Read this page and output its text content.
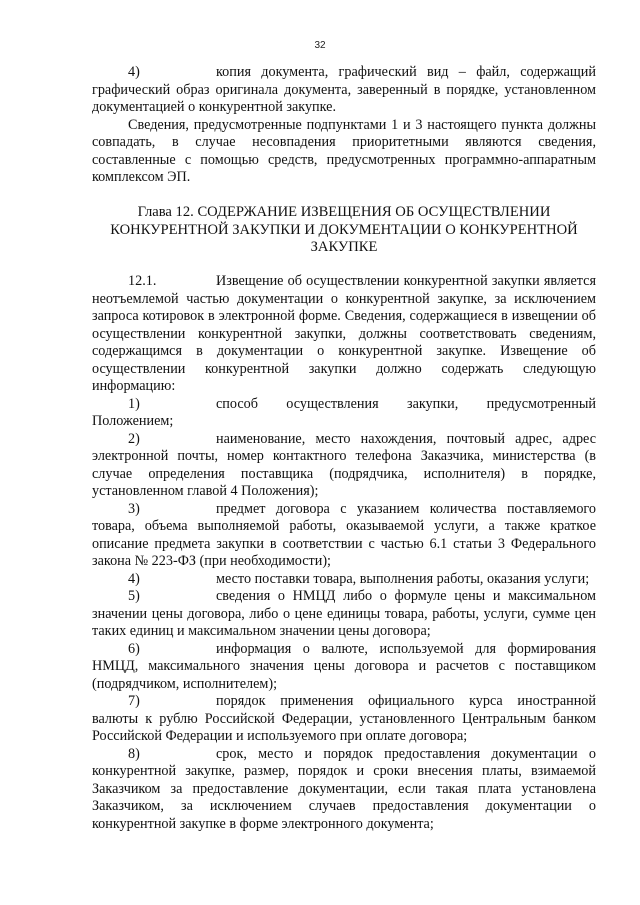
32

4)	копия документа, графический вид – файл, содержащий графический образ оригинала документа, заверенный в порядке, установленном документацией о конкурентной закупке.

Сведения, предусмотренные подпунктами 1 и 3 настоящего пункта должны совпадать, в случае несовпадения приоритетными являются сведения, составленные с помощью средств, предусмотренных программно-аппаратным комплексом ЭП.

Глава 12. СОДЕРЖАНИЕ ИЗВЕЩЕНИЯ ОБ ОСУЩЕСТВЛЕНИИ КОНКУРЕНТНОЙ ЗАКУПКИ И ДОКУМЕНТАЦИИ О КОНКУРЕНТНОЙ ЗАКУПКЕ

12.1.	Извещение об осуществлении конкурентной закупки является неотъемлемой частью документации о конкурентной закупке, за исключением запроса котировок в электронной форме. Сведения, содержащиеся в извещении об осуществлении конкурентной закупки, должны соответствовать сведениям, содержащимся в документации о конкурентной закупке. Извещение об осуществлении конкурентной закупки должно содержать следующую информацию:

1)	способ осуществления закупки, предусмотренный Положением;

2)	наименование, место нахождения, почтовый адрес, адрес электронной почты, номер контактного телефона Заказчика, министерства (в случае определения поставщика (подрядчика, исполнителя) в порядке, установленном главой 4 Положения);

3)	предмет договора с указанием количества поставляемого товара, объема выполняемой работы, оказываемой услуги, а также краткое описание предмета закупки в соответствии с частью 6.1 статьи 3 Федерального закона № 223-ФЗ (при необходимости);

4)	место поставки товара, выполнения работы, оказания услуги;

5)	сведения о НМЦД либо о формуле цены и максимальном значении цены договора, либо о цене единицы товара, работы, услуги, сумме цен таких единиц и максимальном значении цены договора;

6)	информация о валюте, используемой для формирования НМЦД, максимального значения цены договора и расчетов с поставщиком (подрядчиком, исполнителем);

7)	порядок применения официального курса иностранной валюты к рублю Российской Федерации, установленного Центральным банком Российской Федерации и используемого при оплате договора;

8)	срок, место и порядок предоставления документации о конкурентной закупке, размер, порядок и сроки внесения платы, взимаемой Заказчиком за предоставление документации, если такая плата установлена Заказчиком, за исключением случаев предоставления документации о конкурентной закупке в форме электронного документа;
